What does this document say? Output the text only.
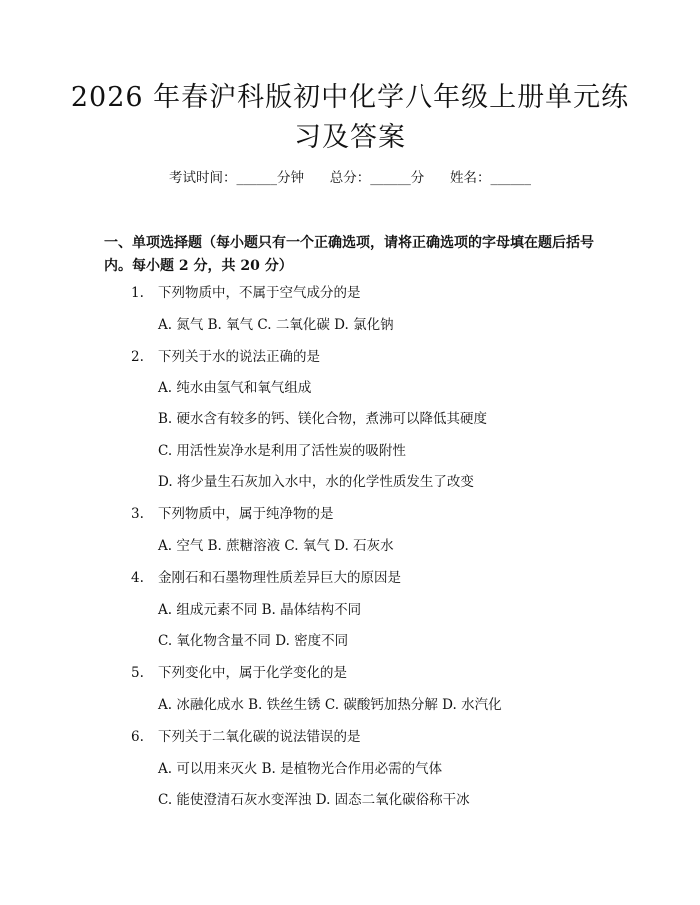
2026 年春沪科版初中化学八年级上册单元练习及答案
考试时间：______分钟      总分：______分      姓名：______
一、单项选择题（每小题只有一个正确选项，请将正确选项的字母填在题后括号内。每小题 2 分，共 20 分）
1. 下列物质中，不属于空气成分的是
A. 氮气 B. 氧气 C. 二氧化碳 D. 氯化钠
2. 下列关于水的说法正确的是
A. 纯水由氢气和氧气组成
B. 硬水含有较多的钙、镁化合物，煮沸可以降低其硬度
C. 用活性炭净水是利用了活性炭的吸附性
D. 将少量生石灰加入水中，水的化学性质发生了改变
3. 下列物质中，属于纯净物的是
A. 空气 B. 蔗糖溶液 C. 氧气 D. 石灰水
4. 金刚石和石墨物理性质差异巨大的原因是
A. 组成元素不同 B. 晶体结构不同
C. 氧化物含量不同 D. 密度不同
5. 下列变化中，属于化学变化的是
A. 冰融化成水 B. 铁丝生锈 C. 碳酸钙加热分解 D. 水汽化
6. 下列关于二氧化碳的说法错误的是
A. 可以用来灭火 B. 是植物光合作用必需的气体
C. 能使澄清石灰水变浑浊 D. 固态二氧化碳俗称干冰
